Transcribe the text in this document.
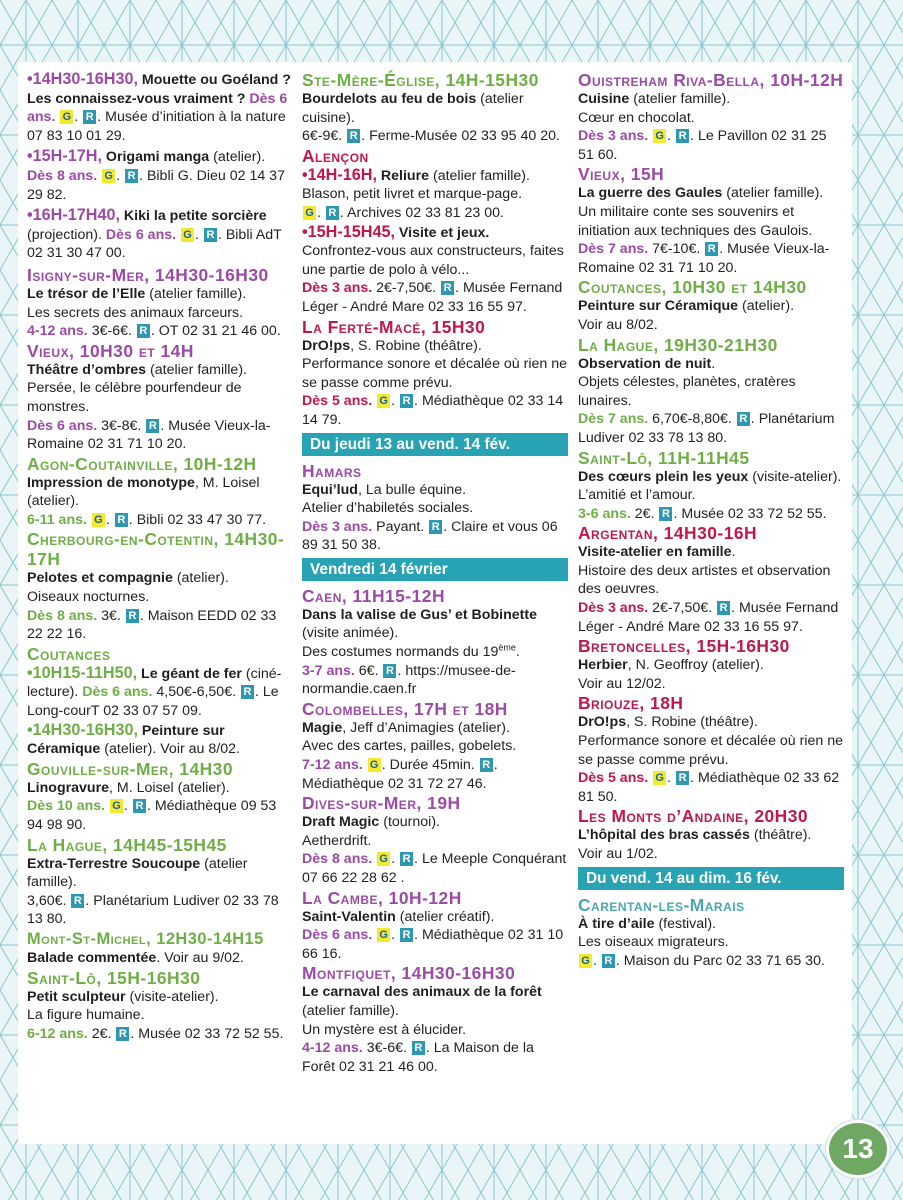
•14H30-16H30, Mouette ou Goéland ? Les connaissez-vous vraiment ? Dès 6 ans. G . R . Musée d’initiation à la nature 07 83 10 01 29.

•15H-17H, Origami manga (atelier). Dès 8 ans. G . R . Bibli G. Dieu 02 14 37 29 82.

•16H-17H40, Kiki la petite sorcière (projection). Dès 6 ans. G . R . Bibli AdT 02 31 30 47 00.

Isigny-sur-Mer, 14H30-16H30
Le trésor de l’Elle (atelier famille).
Les secrets des animaux farceurs.
4-12 ans. 3€-6€. R . OT 02 31 21 46 00.
Vieux, 10H30 et 14H
Théâtre d’ombres (atelier famille).
Persée, le célèbre pourfendeur de monstres.
Dès 6 ans. 3€-8€. R . Musée Vieux-la-Romaine 02 31 71 10 20.
Agon-Coutainville, 10H-12H
Impression de monotype, M. Loisel (atelier).
6-11 ans. G . R . Bibli 02 33 47 30 77.
Cherbourg-en-Cotentin, 14H30-17H
Pelotes et compagnie (atelier).
Oiseaux nocturnes.
Dès 8 ans. 3€. R . Maison EEDD 02 33 22 22 16.
Coutances
•10H15-11H50, Le géant de fer (ciné-lecture). Dès 6 ans. 4,50€-6,50€. R . Le Long-courT 02 33 07 57 09.
•14H30-16H30, Peinture sur Céramique (atelier). Voir au 8/02.
Gouville-sur-Mer, 14H30
Linogravure, M. Loisel (atelier).
Dès 10 ans. G . R . Médiathèque 09 53 94 98 90.
La Hague, 14H45-15H45
Extra-Terrestre Soucoupe (atelier famille).
3,60€. R . Planétarium Ludiver 02 33 78 13 80.
Mont-St-Michel, 12H30-14H15
Balade commentée. Voir au 9/02.
Saint-Lô, 15H-16H30
Petit sculpteur (visite-atelier).
La figure humaine.
6-12 ans. 2€. R . Musée 02 33 72 52 55.
Ste-Mère-Église, 14H-15H30
Bourdelots au feu de bois (atelier cuisine).
6€-9€. R . Ferme-Musée 02 33 95 40 20.
Alençon
•14H-16H, Reliure (atelier famille).
Blason, petit livret et marque-page.
G . R . Archives 02 33 81 23 00.
•15H-15H45, Visite et jeux.
Confrontez-vous aux constructeurs, faites une partie de polo à vélo...
Dès 3 ans. 2€-7,50€. R . Musée Fernand Léger - André Mare 02 33 16 55 97.
La Ferté-Macé, 15H30
DrO!ps, S. Robine (théâtre).
Performance sonore et décalée où rien ne se passe comme prévu.
Dès 5 ans. G . R . Médiathèque 02 33 14 14 79.
Du jeudi 13 au vend. 14 fév.
Hamars
Equi’lud, La bulle équine.
Atelier d’habiletés sociales.
Dès 3 ans. Payant. R . Claire et vous 06 89 31 50 38.
Vendredi 14 février
Caen, 11H15-12H
Dans la valise de Gus’ et Bobinette (visite animée).
Des costumes normands du 19ème.
3-7 ans. 6€. R . https://musee-de-normandie.caen.fr
Colombelles, 17H et 18H
Magie, Jeff d’Animagies (atelier).
Avec des cartes, pailles, gobelets.
7-12 ans. G . Durée 45min. R . Médiathèque 02 31 72 27 46.
Dives-sur-Mer, 19H
Draft Magic (tournoi).
Aetherdrift.
Dès 8 ans. G . R . Le Meeple Conquérant 07 66 22 28 62 .
La Cambe, 10H-12H
Saint-Valentin (atelier créatif).
Dès 6 ans. G . R . Médiathèque 02 31 10 66 16.
Montfiquet, 14H30-16H30
Le carnaval des animaux de la forêt (atelier famille).
Un mystère est à élucider.
4-12 ans. 3€-6€. R . La Maison de la Forêt 02 31 21 46 00.
Ouistreham Riva-Bella, 10H-12H
Cuisine (atelier famille).
Cœur en chocolat.
Dès 3 ans. G . R . Le Pavillon 02 31 25 51 60.
Vieux, 15H
La guerre des Gaules (atelier famille).
Un militaire conte ses souvenirs et initiation aux techniques des Gaulois.
Dès 7 ans. 7€-10€. R . Musée Vieux-la-Romaine 02 31 71 10 20.
Coutances, 10H30 et 14H30
Peinture sur Céramique (atelier).
Voir au 8/02.
La Hague, 19H30-21H30
Observation de nuit.
Objets célestes, planètes, cratères lunaires.
Dès 7 ans. 6,70€-8,80€. R . Planétarium Ludiver 02 33 78 13 80.
Saint-Lô, 11H-11H45
Des cœurs plein les yeux (visite-atelier).
L’amitié et l’amour.
3-6 ans. 2€. R . Musée 02 33 72 52 55.
Argentan, 14H30-16H
Visite-atelier en famille.
Histoire des deux artistes et observation des oeuvres.
Dès 3 ans. 2€-7,50€. R . Musée Fernand Léger - André Mare 02 33 16 55 97.
Bretoncelles, 15H-16H30
Herbier, N. Geoffroy (atelier).
Voir au 12/02.
Briouze, 18H
DrO!ps, S. Robine (théâtre).
Performance sonore et décalée où rien ne se passe comme prévu.
Dès 5 ans. G . R . Médiathèque 02 33 62 81 50.
Les Monts d’Andaine, 20H30
L’hôpital des bras cassés (théâtre).
Voir au 1/02.
Du vend. 14 au dim. 16 fév.
Carentan-les-Marais
À tire d’aile (festival).
Les oiseaux migrateurs.
G . R . Maison du Parc 02 33 71 65 30.
13
